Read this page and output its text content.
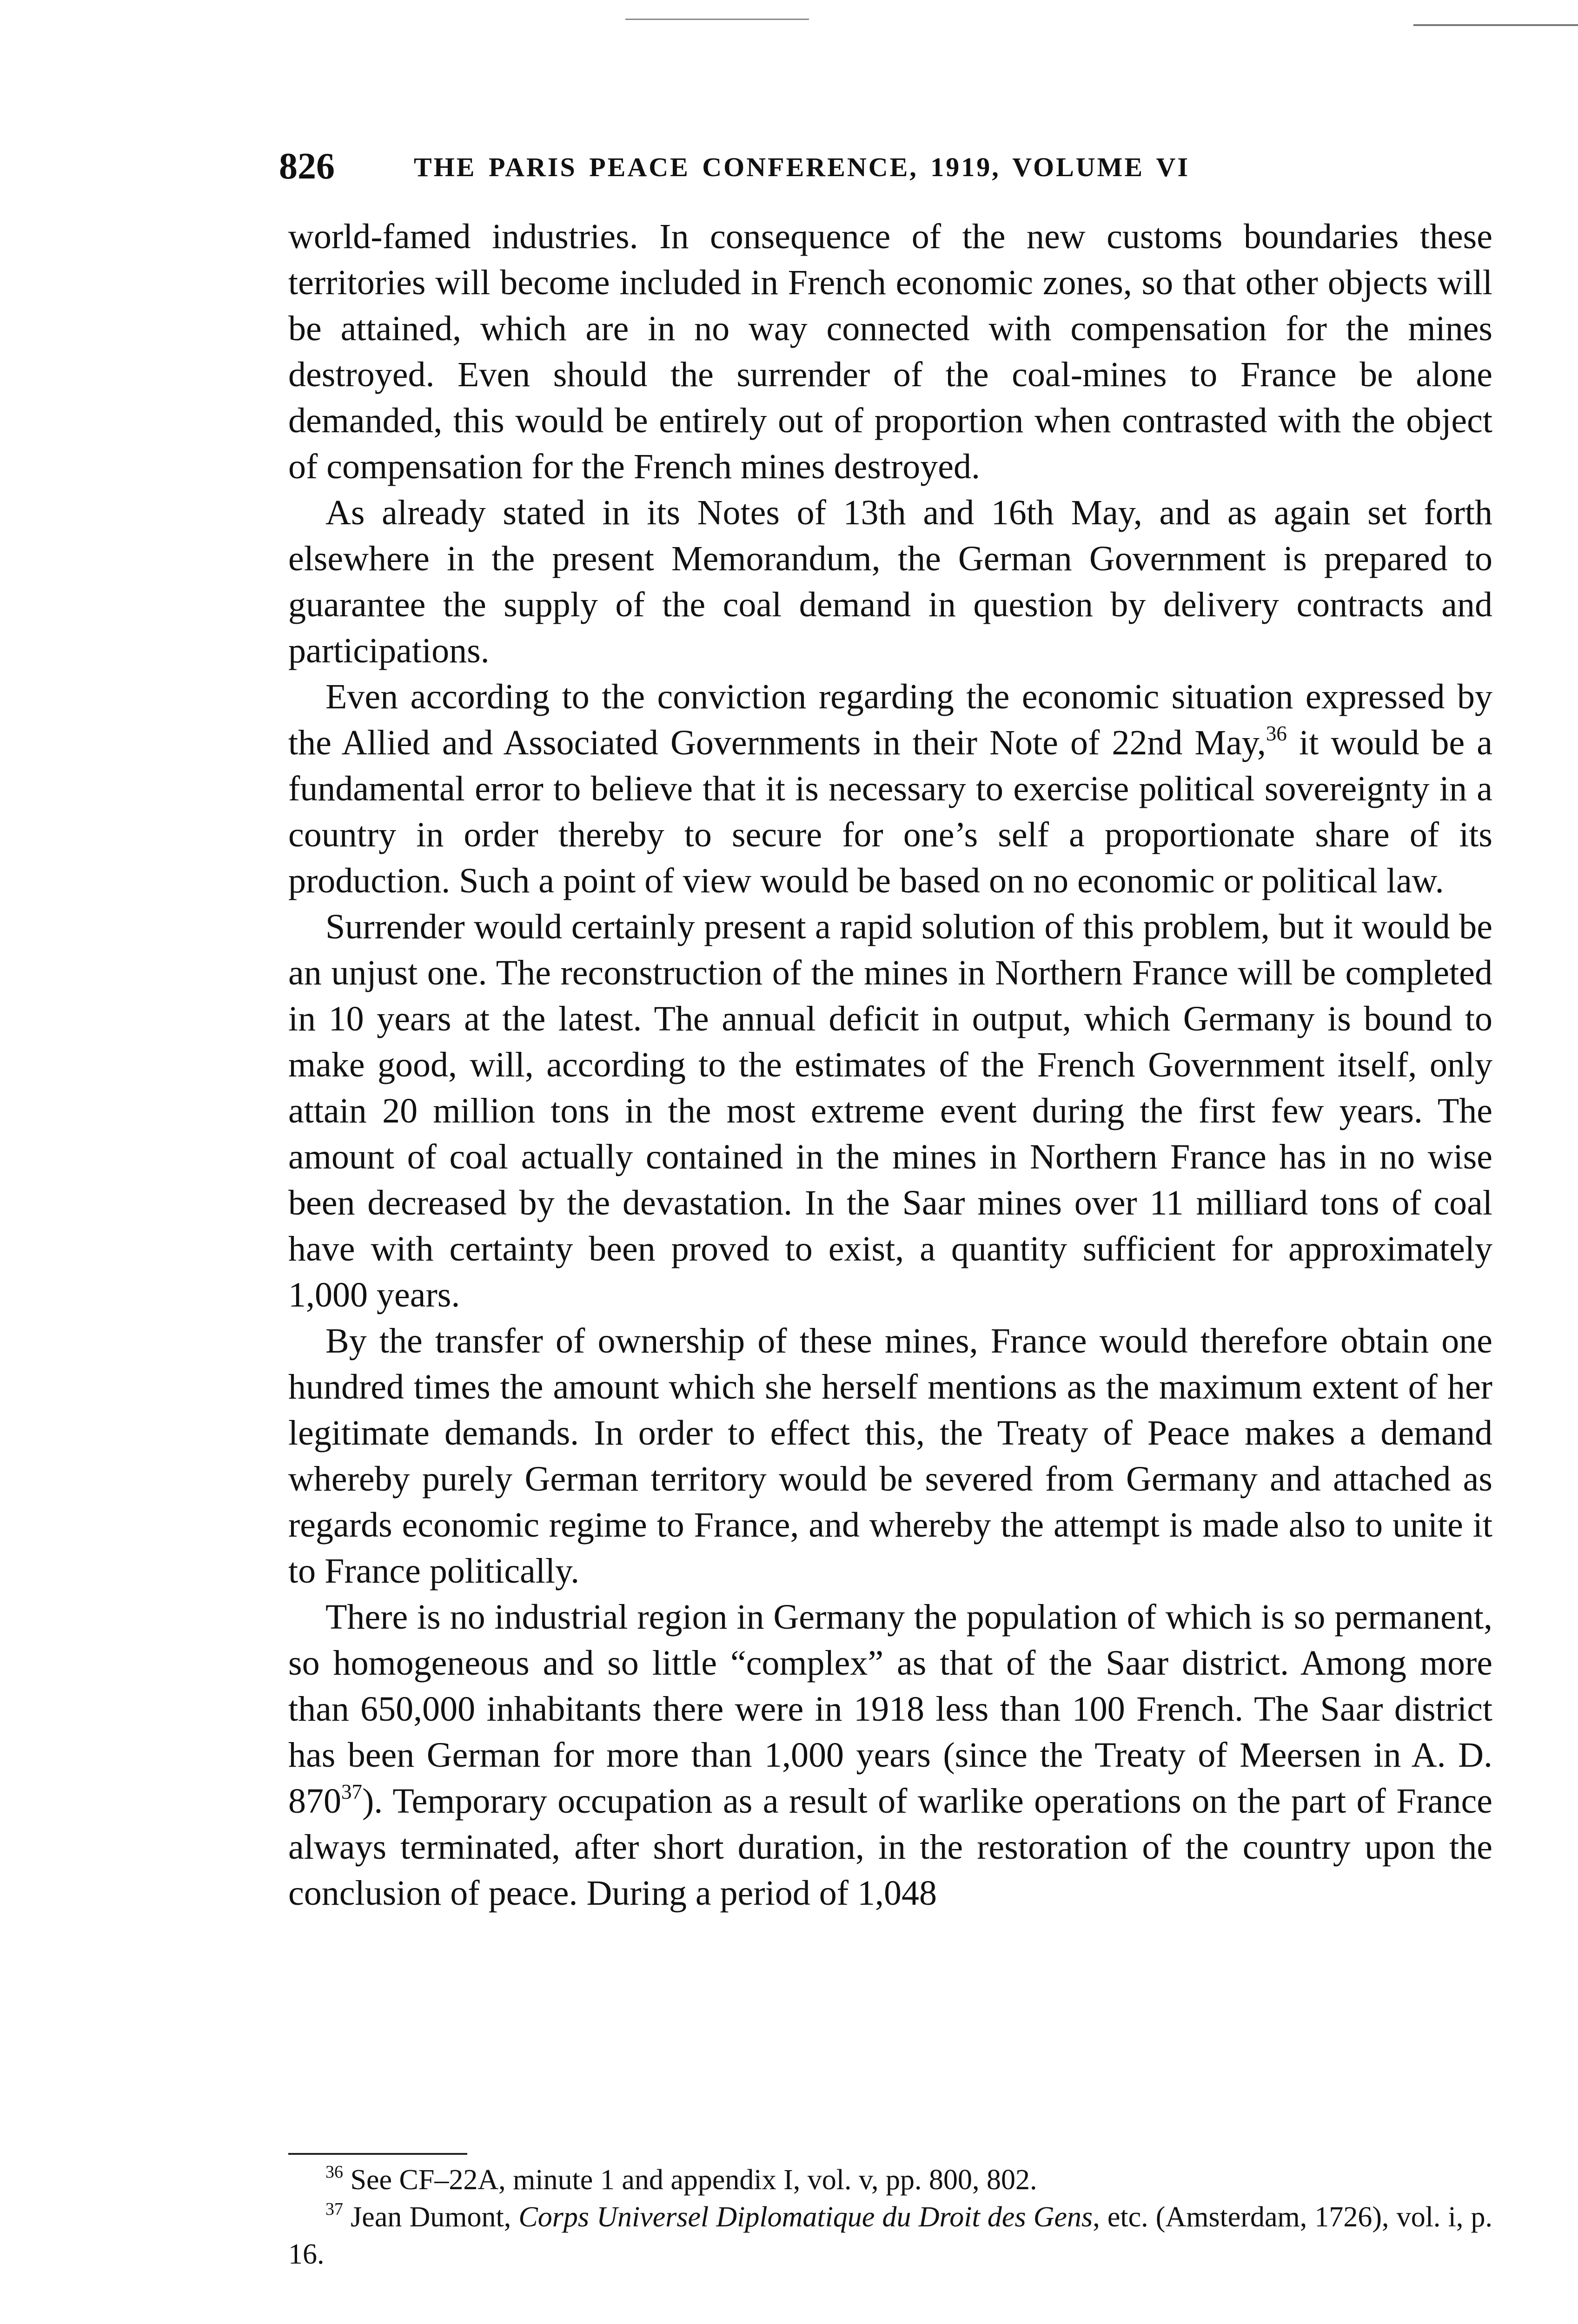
826	THE PARIS PEACE CONFERENCE, 1919, VOLUME VI

world-famed industries. In consequence of the new customs boundaries these territories will become included in French economic zones, so that other objects will be attained, which are in no way connected with compensation for the mines destroyed. Even should the surrender of the coal-mines to France be alone demanded, this would be entirely out of proportion when contrasted with the object of compensation for the French mines destroyed.

As already stated in its Notes of 13th and 16th May, and as again set forth elsewhere in the present Memorandum, the German Government is prepared to guarantee the supply of the coal demand in question by delivery contracts and participations.

Even according to the conviction regarding the economic situation expressed by the Allied and Associated Governments in their Note of 22nd May,$^{36}$ it would be a fundamental error to believe that it is necessary to exercise political sovereignty in a country in order thereby to secure for one’s self a proportionate share of its production. Such a point of view would be based on no economic or political law.

Surrender would certainly present a rapid solution of this problem, but it would be an unjust one. The reconstruction of the mines in Northern France will be completed in 10 years at the latest. The annual deficit in output, which Germany is bound to make good, will, according to the estimates of the French Government itself, only attain 20 million tons in the most extreme event during the first few years. The amount of coal actually contained in the mines in Northern France has in no wise been decreased by the devastation. In the Saar mines over 11 milliard tons of coal have with certainty been proved to exist, a quantity sufficient for approximately 1,000 years.

By the transfer of ownership of these mines, France would therefore obtain one hundred times the amount which she herself mentions as the maximum extent of her legitimate demands. In order to effect this, the Treaty of Peace makes a demand whereby purely German territory would be severed from Germany and attached as regards economic regime to France, and whereby the attempt is made also to unite it to France politically.

There is no industrial region in Germany the population of which is so permanent, so homogeneous and so little “complex” as that of the Saar district. Among more than 650,000 inhabitants there were in 1918 less than 100 French. The Saar district has been German for more than 1,000 years (since the Treaty of Meersen in A. D. $870^{37}$). Temporary occupation as a result of warlike operations on the part of France always terminated, after short duration, in the restoration of the country upon the conclusion of peace. During a period of 1,048

$^{36}$ See CF–22A, minute 1 and appendix I, vol. v, pp. 800, 802.

$^{37}$ Jean Dumont, Corps Universel Diplomatique du Droit des Gens, etc. (Amsterdam, 1726), vol. i, p. 16.
